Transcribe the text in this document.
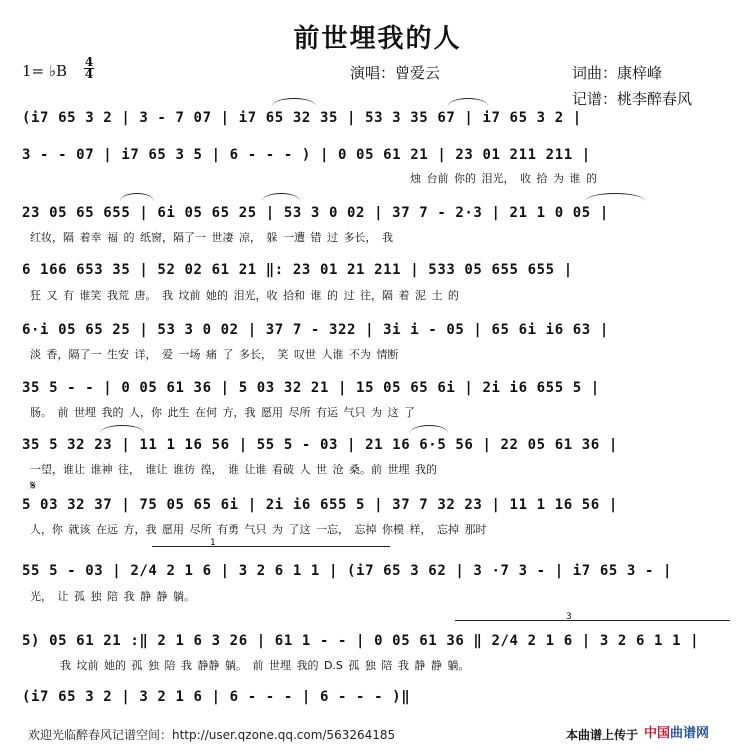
前世埋我的人
1= ♭B 4
4	演唱：曾爱云	词曲：康梓峰
记谱：桃李醉春风
(i7 65 3 2 | 3 - 7 07 | i7 65 32 35 | 53 3 35 67 | i7 65 3 2 |
3 - - 07 | i7 65 3 5 | 6 - - - ) | 0 05 61 21 | 23 01 211 211 |
烛 台前 你的 泪光， 收 拾 为 谁 的
23 05 65 655 | 6i 05 65 25 | 53 3 0 02 | 37 7 - 2·3 | 21 1 0 05 |
红妆，隔 着幸 福 的 纸窗，隔了一 世凄 凉， 躲 一遭 错 过 多长， 我
6 166 653 35 | 52 02 61 21 ‖: 23 01 21 211 | 533 05 655 655 |
狂 又 有 谁笑 我荒 唐。 我 坟前 她的 泪光，收 拾和 谁 的 过 往，隔 着 泥 土 的
6·i 05 65 25 | 53 3 0 02 | 37 7 - 322 | 3i i - 05 | 65 6i i6 63 |
淡 香，隔了一 生安 详， 爱 一场 痛 了 多长， 笑 叹世 人谁 不为 情断
35 5 - - | 0 05 61 36 | 5 03 32 21 | 15 05 65 6i | 2i i6 655 5 |
肠。 前 世埋 我的 人，你 此生 在何 方，我 愿用 尽所 有运 气只 为 这 了
35 5 32 23 | 11 1 16 56 | 55 5 - 03 | 21 16 6·5 56 | 22 05 61 36 |
一望，谁让 谁神 往， 谁让 谁彷 徨， 谁 让谁 看破 人 世 沧 桑。前 世埋 我的
𝄋
5 03 32 37 | 75 05 65 6i | 2i i6 655 5 | 37 7 32 23 | 11 1 16 56 |
人，你 就该 在远 方，我 愿用 尽所 有勇 气只 为 了这 一忘， 忘掉 你模 样， 忘掉 那时
1
55 5 - 03 | 2/4 2 1 6 | 3 2 6 1 1 | (i7 65 3 62 | 3 ·7 3 - | i7 65 3 - |
光， 让 孤 独 陪 我 静 静 躺。
3
5) 05 61 21 :‖ 2 1 6 3 26 | 61 1 - - | 0 05 61 36 ‖ 2/4 2 1 6 | 3 2 6 1 1 |
我 坟前 她的 孤 独 陪 我 静静 躺。 前 世埋 我的 D.S 孤 独 陪 我 静 静 躺。
(i7 65 3 2 | 3 2 1 6 | 6 - - - | 6 - - - )‖
欢迎光临醉春风记谱空间：http://user.qzone.qq.com/563264185	本曲谱上传于 中国曲谱网
